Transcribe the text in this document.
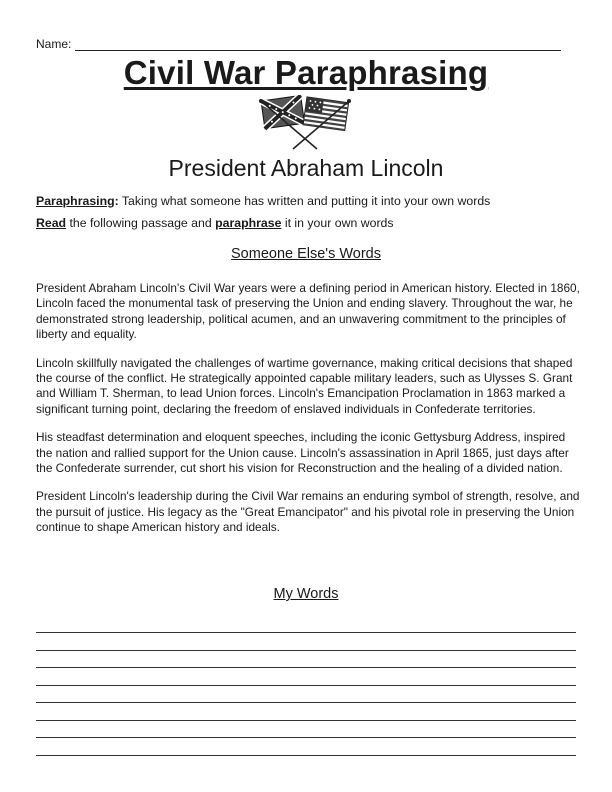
Name:
Civil War Paraphrasing
President Abraham Lincoln
Paraphrasing: Taking what someone has written and putting it into your own words
Read the following passage and paraphrase it in your own words
Someone Else's Words

President Abraham Lincoln's Civil War years were a defining period in American history. Elected in 1860, Lincoln faced the monumental task of preserving the Union and ending slavery. Throughout the war, he demonstrated strong leadership, political acumen, and an unwavering commitment to the principles of liberty and equality.

Lincoln skillfully navigated the challenges of wartime governance, making critical decisions that shaped the course of the conflict. He strategically appointed capable military leaders, such as Ulysses S. Grant and William T. Sherman, to lead Union forces. Lincoln's Emancipation Proclamation in 1863 marked a significant turning point, declaring the freedom of enslaved individuals in Confederate territories.

His steadfast determination and eloquent speeches, including the iconic Gettysburg Address, inspired the nation and rallied support for the Union cause. Lincoln's assassination in April 1865, just days after the Confederate surrender, cut short his vision for Reconstruction and the healing of a divided nation.

President Lincoln's leadership during the Civil War remains an enduring symbol of strength, resolve, and the pursuit of justice. His legacy as the "Great Emancipator" and his pivotal role in preserving the Union continue to shape American history and ideals.

My Words
